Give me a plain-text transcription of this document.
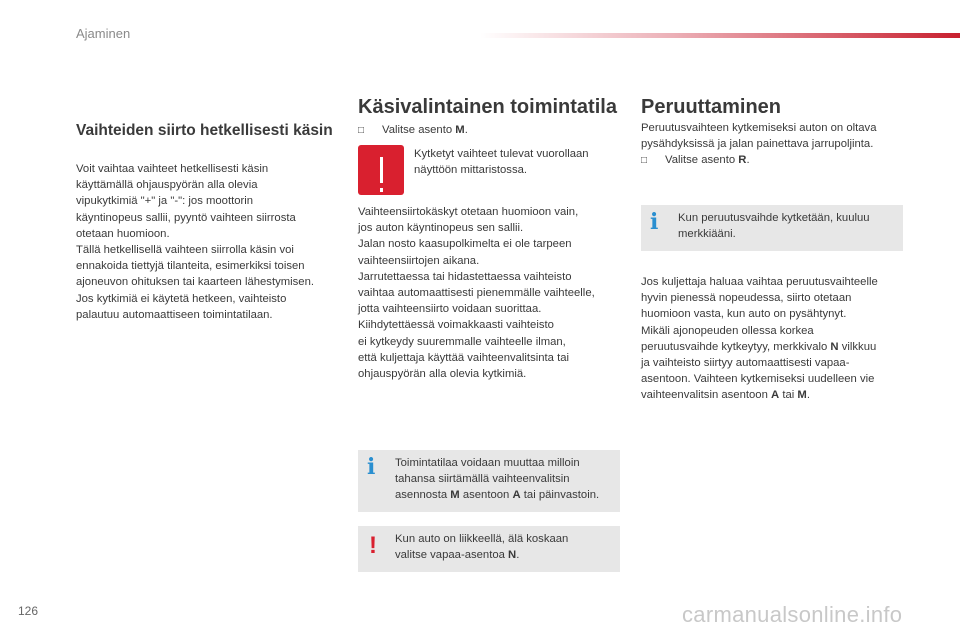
Ajaminen
Vaihteiden siirto hetkellisesti käsin
Voit vaihtaa vaihteet hetkellisesti käsin
käyttämällä ohjauspyörän alla olevia
vipukytkimiä "+" ja "-": jos moottorin
käyntinopeus sallii, pyyntö vaihteen siirrosta
otetaan huomioon.
Tällä hetkellisellä vaihteen siirrolla käsin voi
ennakoida tiettyjä tilanteita, esimerkiksi toisen
ajoneuvon ohituksen tai kaarteen lähestymisen.
Jos kytkimiä ei käytetä hetkeen, vaihteisto
palautuu automaattiseen toimintatilaan.
Käsivalintainen toimintatila
□ Valitse asento M.
Kytketyt vaihteet tulevat vuorollaan
näyttöön mittaristossa.
Vaihteensiirtokäskyt otetaan huomioon vain,
jos auton käyntinopeus sen sallii.
Jalan nosto kaasupolkimelta ei ole tarpeen
vaihteensiirtojen aikana.
Jarrutettaessa tai hidastettaessa vaihteisto
vaihtaa automaattisesti pienemmälle vaihteelle,
jotta vaihteensiirto voidaan suorittaa.
Kiihdytettäessä voimakkaasti vaihteisto
ei kytkeydy suuremmalle vaihteelle ilman,
että kuljettaja käyttää vaihteenvalitsinta tai
ohjauspyörän alla olevia kytkimiä.
i Toimintatilaa voidaan muuttaa milloin
tahansa siirtämällä vaihteenvalitsin
asennosta M asentoon A tai päinvastoin.
! Kun auto on liikkeellä, älä koskaan
valitse vapaa-asentoa N.
Peruuttaminen
Peruutusvaihteen kytkemiseksi auton on oltava
pysähdyksissä ja jalan painettava jarrupoljinta.
□ Valitse asento R.
i Kun peruutusvaihde kytketään, kuuluu
merkkiääni.
Jos kuljettaja haluaa vaihtaa peruutusvaihteelle
hyvin pienessä nopeudessa, siirto otetaan
huomioon vasta, kun auto on pysähtynyt.
Mikäli ajonopeuden ollessa korkea
peruutusvaihde kytkeytyy, merkkivalo N vilkkuu
ja vaihteisto siirtyy automaattisesti vapaa-
asentoon. Vaihteen kytkemiseksi uudelleen vie
vaihteenvalitsin asentoon A tai M.
126	carmanualsonline.info
